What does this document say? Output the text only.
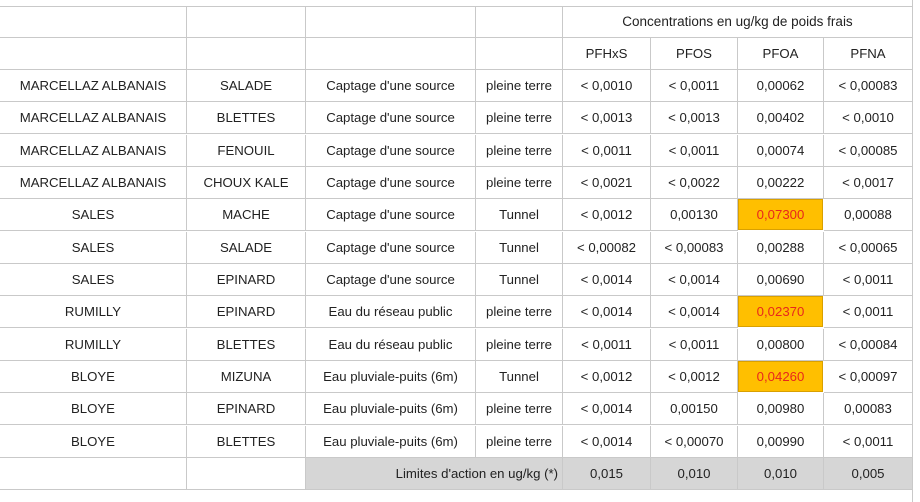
Concentrations en ug/kg de poids frais
PFHxS	PFOS	PFOA	PFNA
MARCELLAZ ALBANAIS	SALADE	Captage d'une source	pleine terre	< 0,0010	< 0,0011	0,00062	< 0,00083
MARCELLAZ ALBANAIS	BLETTES	Captage d'une source	pleine terre	< 0,0013	< 0,0013	0,00402	< 0,0010
MARCELLAZ ALBANAIS	FENOUIL	Captage d'une source	pleine terre	< 0,0011	< 0,0011	0,00074	< 0,00085
MARCELLAZ ALBANAIS	CHOUX KALE	Captage d'une source	pleine terre	< 0,0021	< 0,0022	0,00222	< 0,0017
SALES	MACHE	Captage d'une source	Tunnel	< 0,0012	0,00130	0,07300	0,00088
SALES	SALADE	Captage d'une source	Tunnel	< 0,00082	< 0,00083	0,00288	< 0,00065
SALES	EPINARD	Captage d'une source	Tunnel	< 0,0014	< 0,0014	0,00690	< 0,0011
RUMILLY	EPINARD	Eau du réseau public	pleine terre	< 0,0014	< 0,0014	0,02370	< 0,0011
RUMILLY	BLETTES	Eau du réseau public	pleine terre	< 0,0011	< 0,0011	0,00800	< 0,00084
BLOYE	MIZUNA	Eau pluviale-puits (6m)	Tunnel	< 0,0012	< 0,0012	0,04260	< 0,00097
BLOYE	EPINARD	Eau pluviale-puits (6m)	pleine terre	< 0,0014	0,00150	0,00980	0,00083
BLOYE	BLETTES	Eau pluviale-puits (6m)	pleine terre	< 0,0014	< 0,00070	0,00990	< 0,0011
Limites d'action en ug/kg (*)	0,015	0,010	0,010	0,005
